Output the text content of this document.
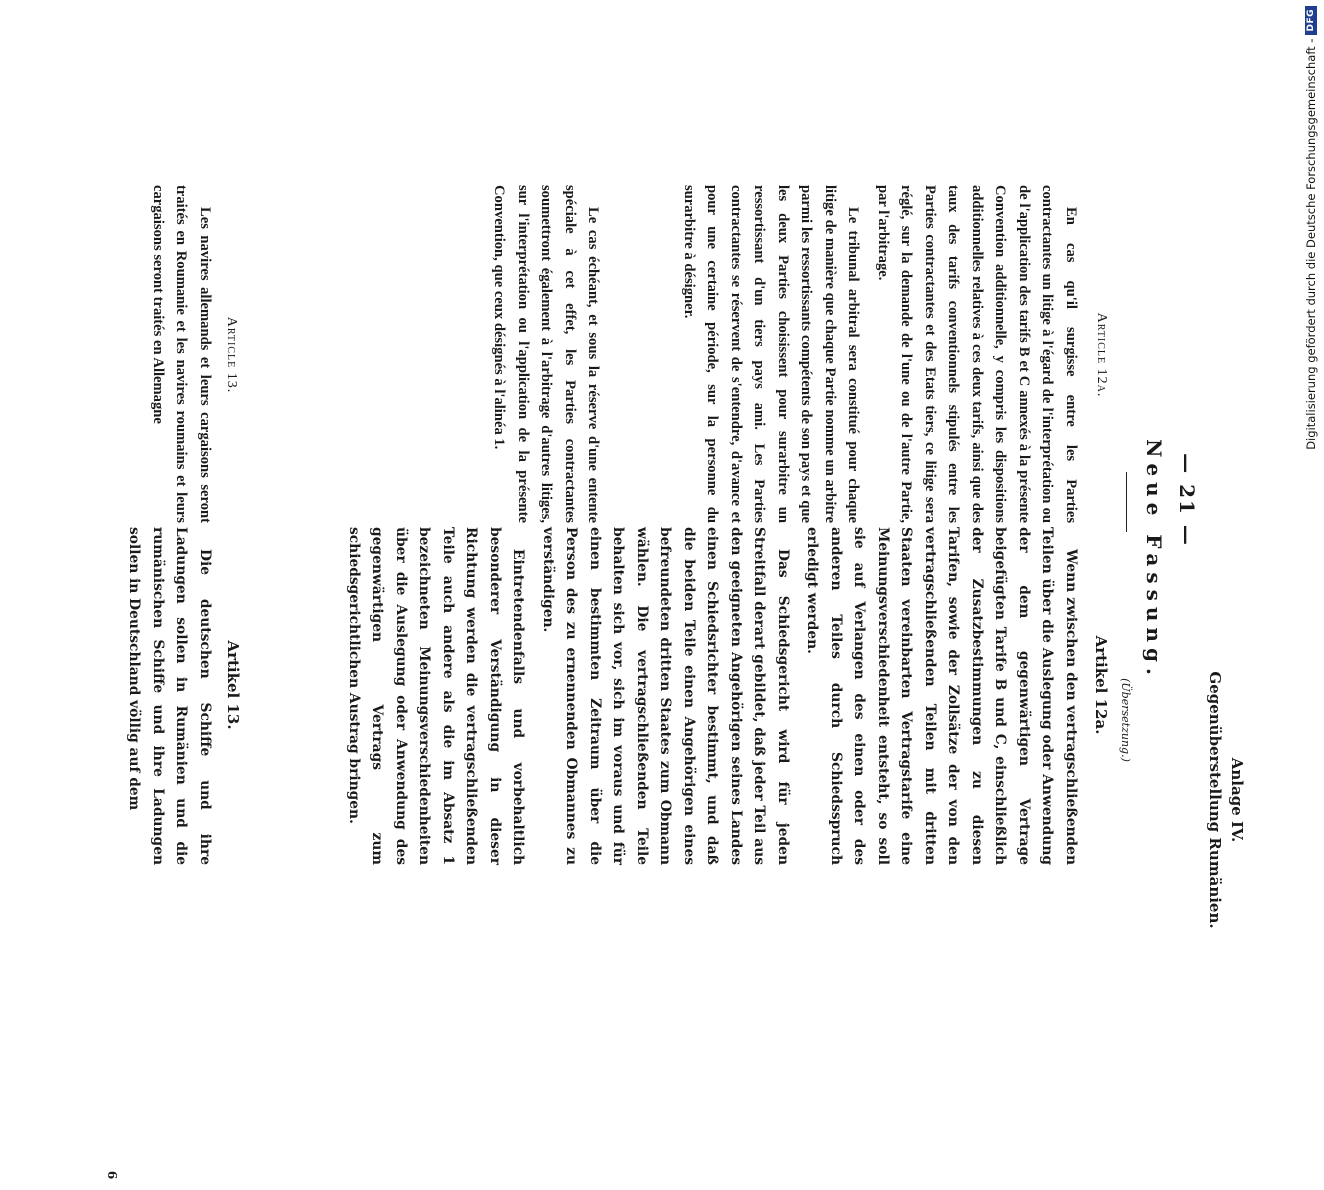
— 21 —
Anlage IV.
Gegenüberstellung Rumänien.
Neue Fassung.
(Übersetzung.)
Article 12a.
Artikel 12a.

En cas qu'il surgisse entre les Parties contractantes un litige à l'égard de l'interprétation ou de l'application des tarifs B et C annexés à la présente Convention additionnelle, y compris les dispositions additionnelles relatives à ces deux tarifs, ainsi que des taux des tarifs conventionnels stipulés entre les Parties contractantes et des Etats tiers, ce litige sera réglé, sur la demande de l'une ou de l'autre Partie, par l'arbitrage.

Le tribunal arbitral sera constitué pour chaque litige de manière que chaque Partie nomme un arbitre parmi les ressortissants compétents de son pays et que les deux Parties choisissent pour surarbitre un ressortissant d'un tiers pays ami. Les Parties contractantes se réservent de s'entendre, d'avance et pour une certaine période, sur la personne du surarbitre à désigner.

Le cas échéant, et sous la réserve d'une entente spéciale à cet effet, les Parties contractantes soumettront également à l'arbitrage d'autres litiges, sur l'interprétation ou l'application de la présente Convention, que ceux désignés à l'alinéa 1.

Wenn zwischen den vertragschließenden Teilen über die Auslegung oder Anwendung der dem gegenwärtigen Vertrage beigefügten Tarife B und C, einschließlich der Zusatzbestimmungen zu diesen Tarifen, sowie der Zollsätze der von den vertragschließenden Teilen mit dritten Staaten vereinbarten Vertragstarife eine Meinungsverschiedenheit entsteht, so soll sie auf Verlangen des einen oder des anderen Teiles durch Schiedsspruch erledigt werden.

Das Schiedsgericht wird für jeden Streitfall derart gebildet, daß jeder Teil aus den geeigneten Angehörigen seines Landes einen Schiedsrichter bestimmt, und daß die beiden Teile einen Angehörigen eines befreundeten dritten Staates zum Obmann wählen. Die vertragschließenden Teile behalten sich vor, sich im voraus und für einen bestimmten Zeitraum über die Person des zu ernennenden Obmannes zu verständigen.

Eintretendenfalls und vorbehaltlich besonderer Verständigung in dieser Richtung werden die vertragschließenden Teile auch andere als die im Absatz 1 bezeichneten Meinungsverschiedenheiten über die Auslegung oder Anwendung des gegenwärtigen Vertrags zum schiedsgerichtlichen Austrag bringen.

Article 13.
Artikel 13.

Les navires allemands et leurs cargaisons seront traités en Roumanie et les navires roumains et leurs cargaisons seront traités en Allemagne

Die deutschen Schiffe und ihre Ladungen sollen in Rumänien und die rumänischen Schiffe und ihre Ladungen sollen in Deutschland völlig auf dem

6
Digitalisierung gefördert durch die Deutsche Forschungsgemeinschaft -
DFG
